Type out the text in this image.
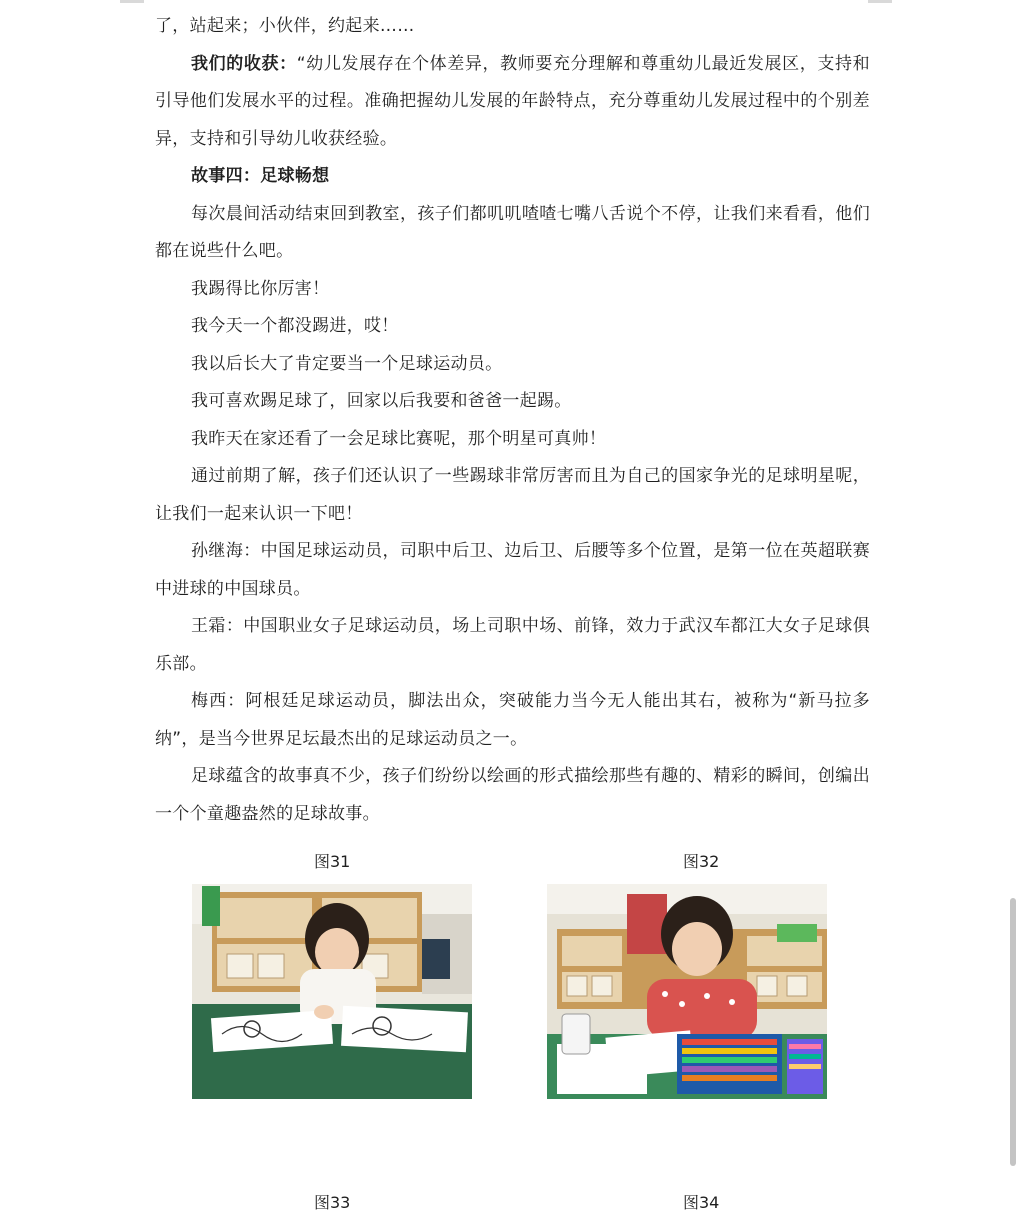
了，站起来；小伙伴，约起来……

我们的收获：“幼儿发展存在个体差异，教师要充分理解和尊重幼儿最近发展区，支持和引导他们发展水平的过程。准确把握幼儿发展的年龄特点，充分尊重幼儿发展过程中的个别差异，支持和引导幼儿收获经验。

故事四：足球畅想

每次晨间活动结束回到教室，孩子们都叽叽喳喳七嘴八舌说个不停，让我们来看看，他们都在说些什么吧。

我踢得比你厉害！

我今天一个都没踢进，哎！

我以后长大了肯定要当一个足球运动员。

我可喜欢踢足球了，回家以后我要和爸爸一起踢。

我昨天在家还看了一会足球比赛呢，那个明星可真帅！

通过前期了解，孩子们还认识了一些踢球非常厉害而且为自己的国家争光的足球明星呢，让我们一起来认识一下吧！

孙继海：中国足球运动员，司职中后卫、边后卫、后腰等多个位置，是第一位在英超联赛中进球的中国球员。

王霜：中国职业女子足球运动员，场上司职中场、前锋，效力于武汉车都江大女子足球俱乐部。

梅西：阿根廷足球运动员，脚法出众，突破能力当今无人能出其右，被称为“新马拉多纳”，是当今世界足坛最杰出的足球运动员之一。

足球蕴含的故事真不少，孩子们纷纷以绘画的形式描绘那些有趣的、精彩的瞬间，创编出一个个童趣盎然的足球故事。

图31	图32
图33	图34
